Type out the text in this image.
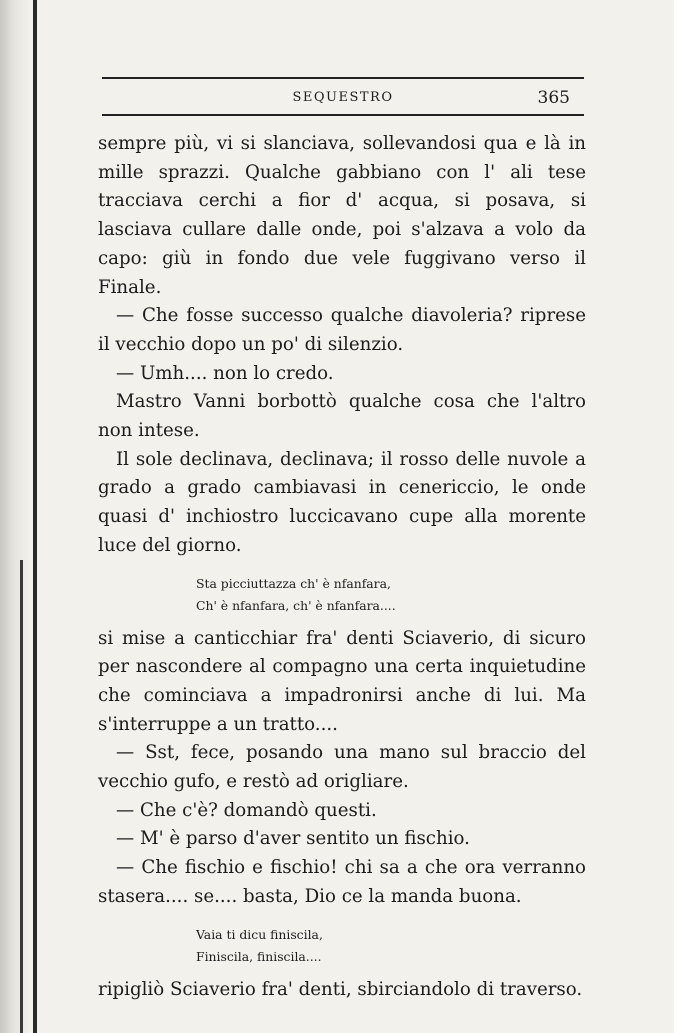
SEQUESTRO	365

sempre più, vi si slanciava, sollevandosi qua e là in mille sprazzi. Qualche gabbiano con l' ali tese tracciava cerchi a fior d' acqua, si posava, si lasciava cullare dalle onde, poi s'alzava a volo da capo: giù in fondo due vele fuggivano verso il Finale.

— Che fosse successo qualche diavoleria? riprese il vecchio dopo un po' di silenzio.

— Umh.... non lo credo.

Mastro Vanni borbottò qualche cosa che l'altro non intese.

Il sole declinava, declinava; il rosso delle nuvole a grado a grado cambiavasi in cenericcio, le onde quasi d' inchiostro luccicavano cupe alla morente luce del giorno.

Sta picciuttazza ch' è nfanfara,
Ch' è nfanfara, ch' è nfanfara....

si mise a canticchiar fra' denti Sciaverio, di sicuro per nascondere al compagno una certa inquietudine che cominciava a impadronirsi anche di lui. Ma s'interruppe a un tratto....

— Sst, fece, posando una mano sul braccio del vecchio gufo, e restò ad origliare.

— Che c'è? domandò questi.

— M' è parso d'aver sentito un fischio.

— Che fischio e fischio! chi sa a che ora verranno stasera.... se.... basta, Dio ce la manda buona.

Vaia ti dicu finiscila,
Finiscila, finiscila....

ripigliò Sciaverio fra' denti, sbirciandolo di traverso.
